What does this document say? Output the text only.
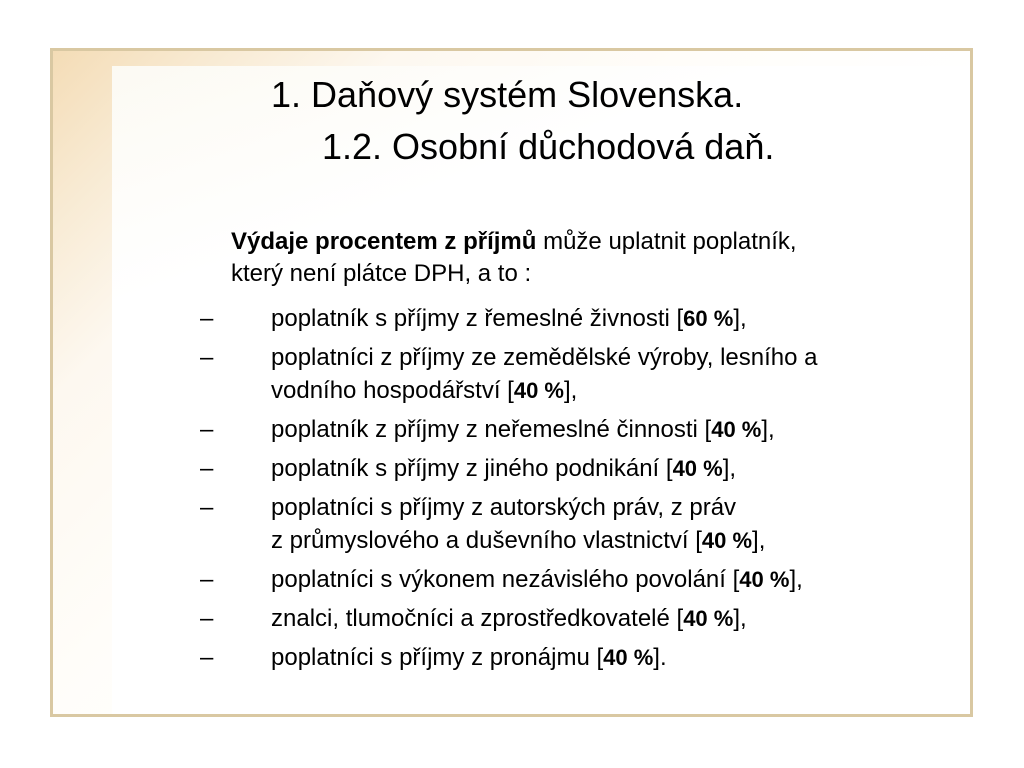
1. Daňový systém Slovenska.
1.2. Osobní důchodová daň.

Výdaje procentem z příjmů může uplatnit poplatník,
který není plátce DPH, a to :

–	poplatník s příjmy z řemeslné živnosti [60 %],
–	poplatníci z příjmy ze zemědělské výroby, lesního a
vodního hospodářství [40 %],
–	poplatník z příjmy z neřemeslné činnosti [40 %],
–	poplatník s příjmy z jiného podnikání [40 %],
–	poplatníci s příjmy z autorských práv, z práv
z průmyslového a duševního vlastnictví [40 %],
–	poplatníci s výkonem nezávislého povolání [40 %],
–	znalci, tlumočníci a zprostředkovatelé [40 %],
–	poplatníci s příjmy z pronájmu [40 %].
